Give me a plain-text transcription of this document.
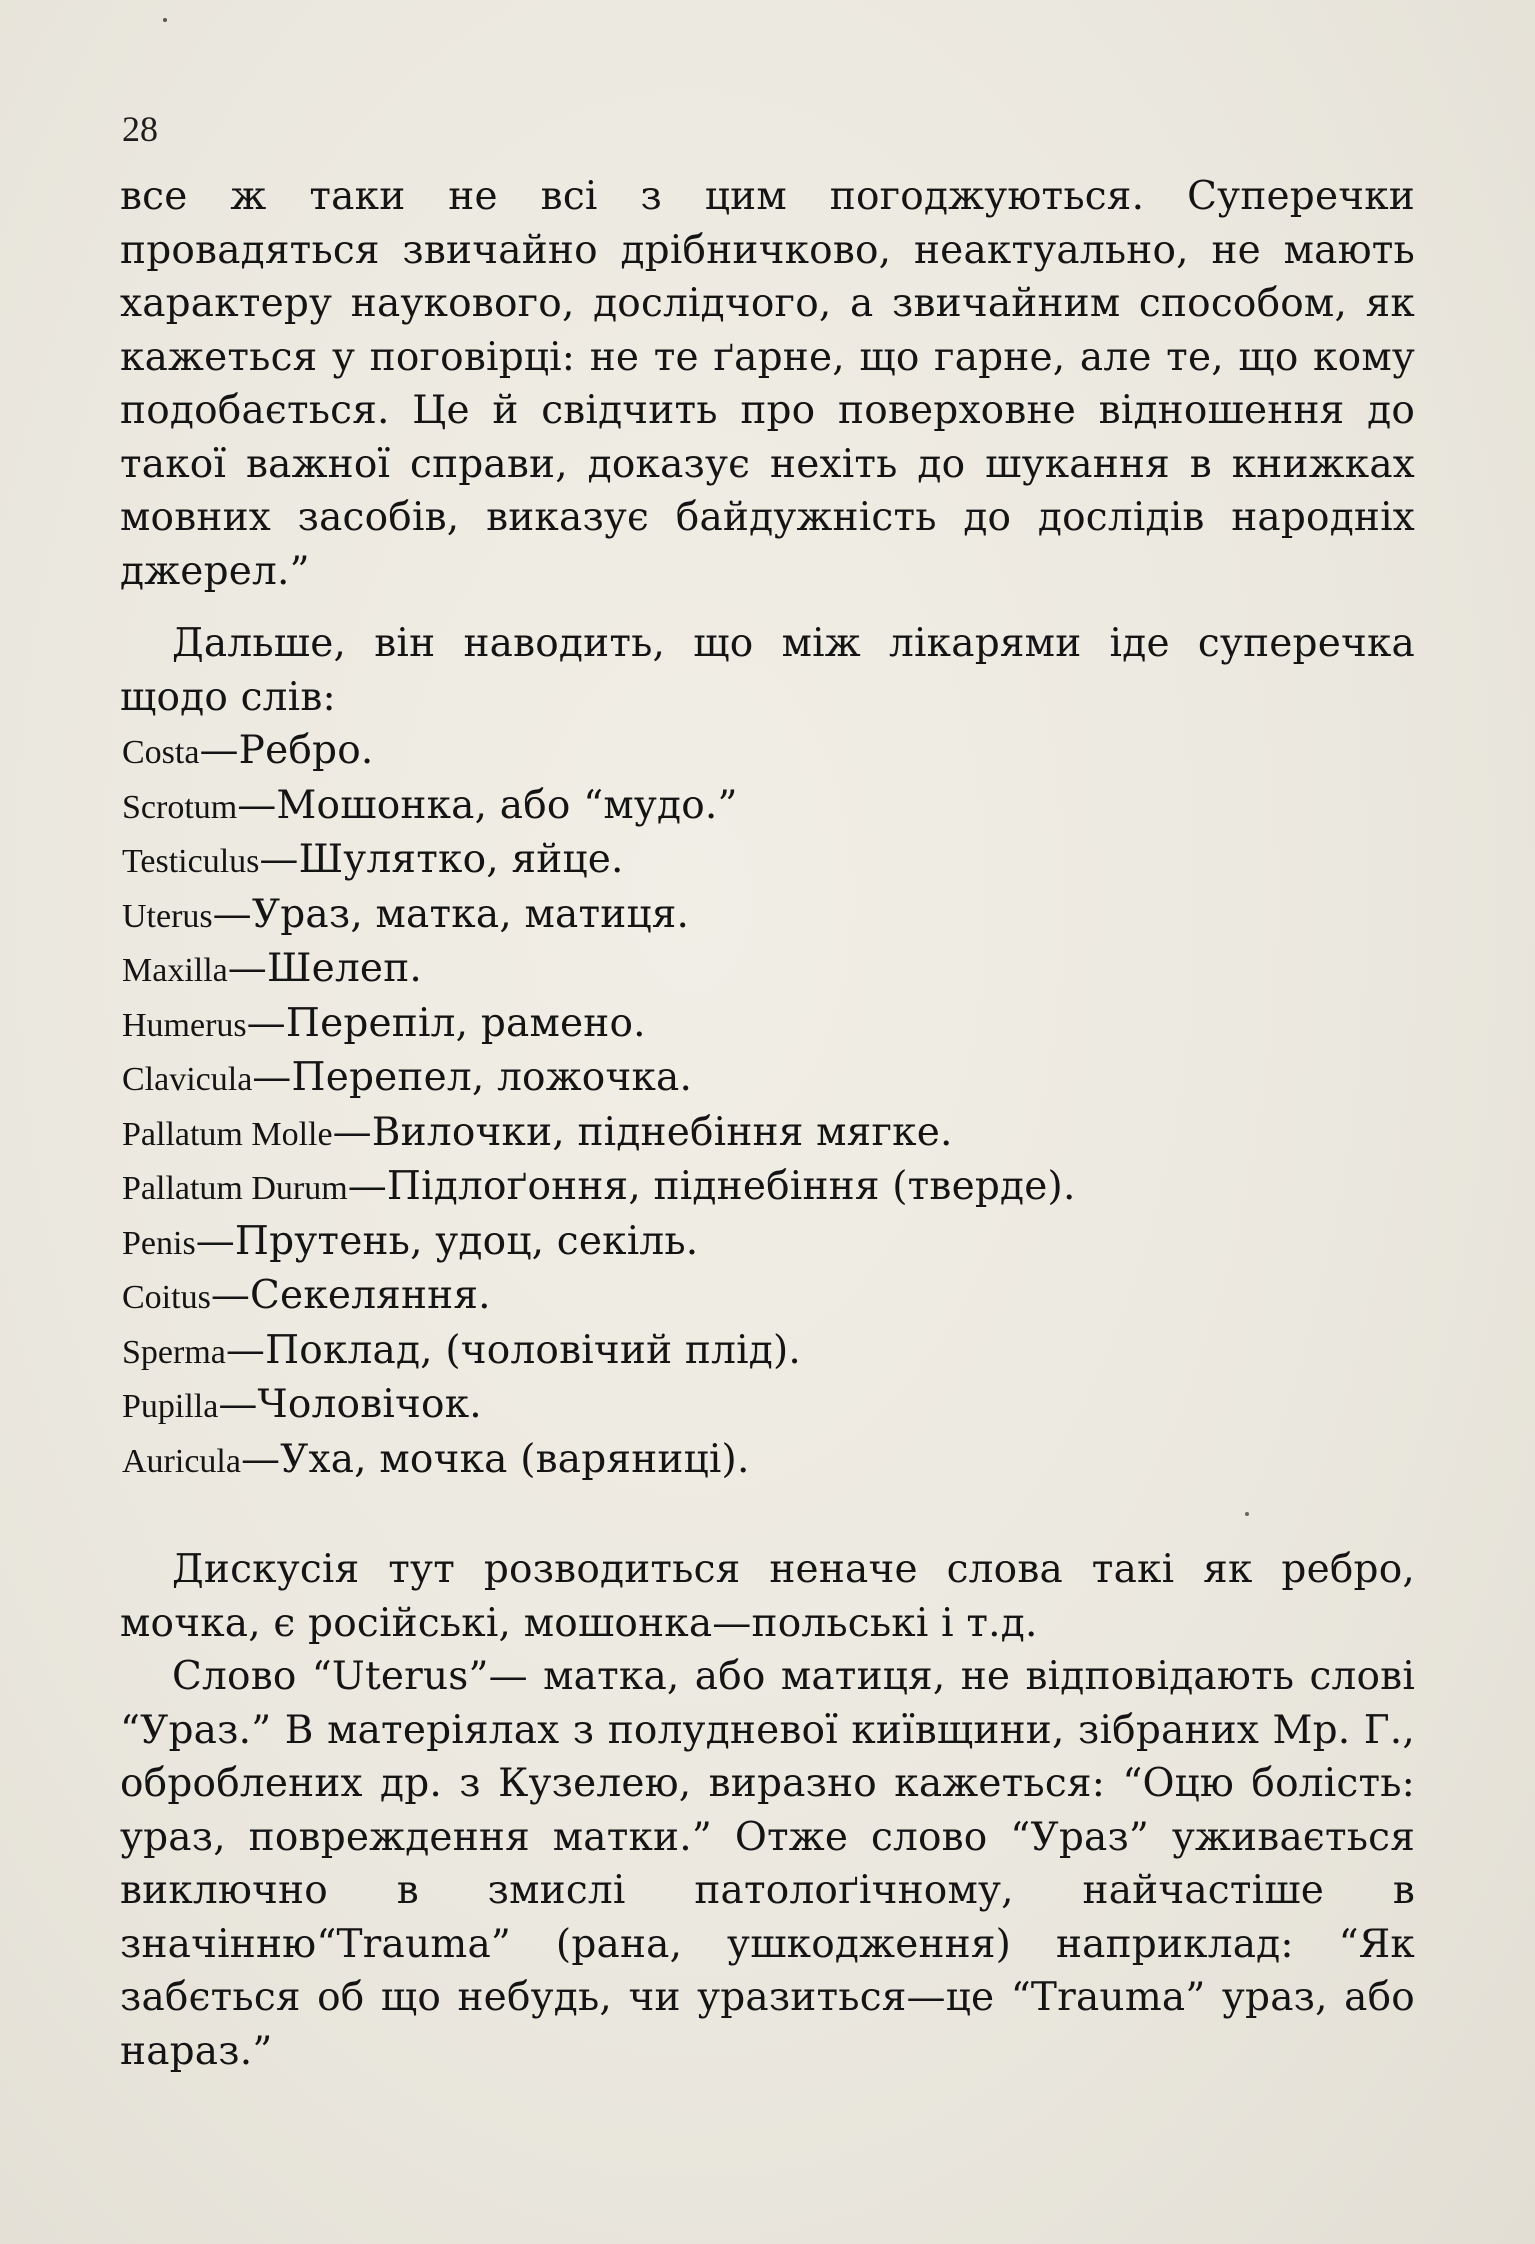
28

все ж таки не всі з цим погоджуються. Суперечки провадяться звичайно дрібничково, неактуально, не мають характеру наукового, дослідчого, а звичайним способом, як кажеться у поговірці: не те ґарне, що гарне, але те, що кому подобається. Це й свідчить про поверховне відношення до такої важної справи, доказує нехіть до шукання в книжках мовних засобів, виказує байдужність до дослідів народніх джерел.”

Дальше, він наводить, що між лікарями іде суперечка щодо слів:

Costa—Ребро.
Scrotum—Мошонка, або “мудо.”
Testiculus—Шулятко, яйце.
Uterus—Ураз, матка, матиця.
Maxilla—Шелеп.
Humerus—Перепіл, рамено.
Clavicula—Перепел, ложочка.
Pallatum Molle—Вилочки, піднебіння мягке.
Pallatum Durum—Підлоґоння, піднебіння (тверде).
Penis—Прутень, удоц, секіль.
Coitus—Секеляння.
Sperma—Поклад, (чоловічий плід).
Pupilla—Чоловічок.
Auricula—Уха, мочка (варяниці).

Дискусія тут розводиться неначе слова такі як ребро, мочка, є російські, мошонка—польські і т.д.

Слово “Uterus”— матка, або матиця, не відповідають слові “Ураз.” В матеріялах з полудневої київщини, зібраних Мр. Г., оброблених др. з Кузелею, виразно кажеться: “Оцю болість: ураз, повреждення матки.” Отже слово “Ураз” уживається виключно в змислі патолоґічному, найчастіше в значінню“Trauma” (рана, ушкодження) наприклад: “Як забється об що небудь, чи уразиться—це “Trauma” ураз, або нараз.”
